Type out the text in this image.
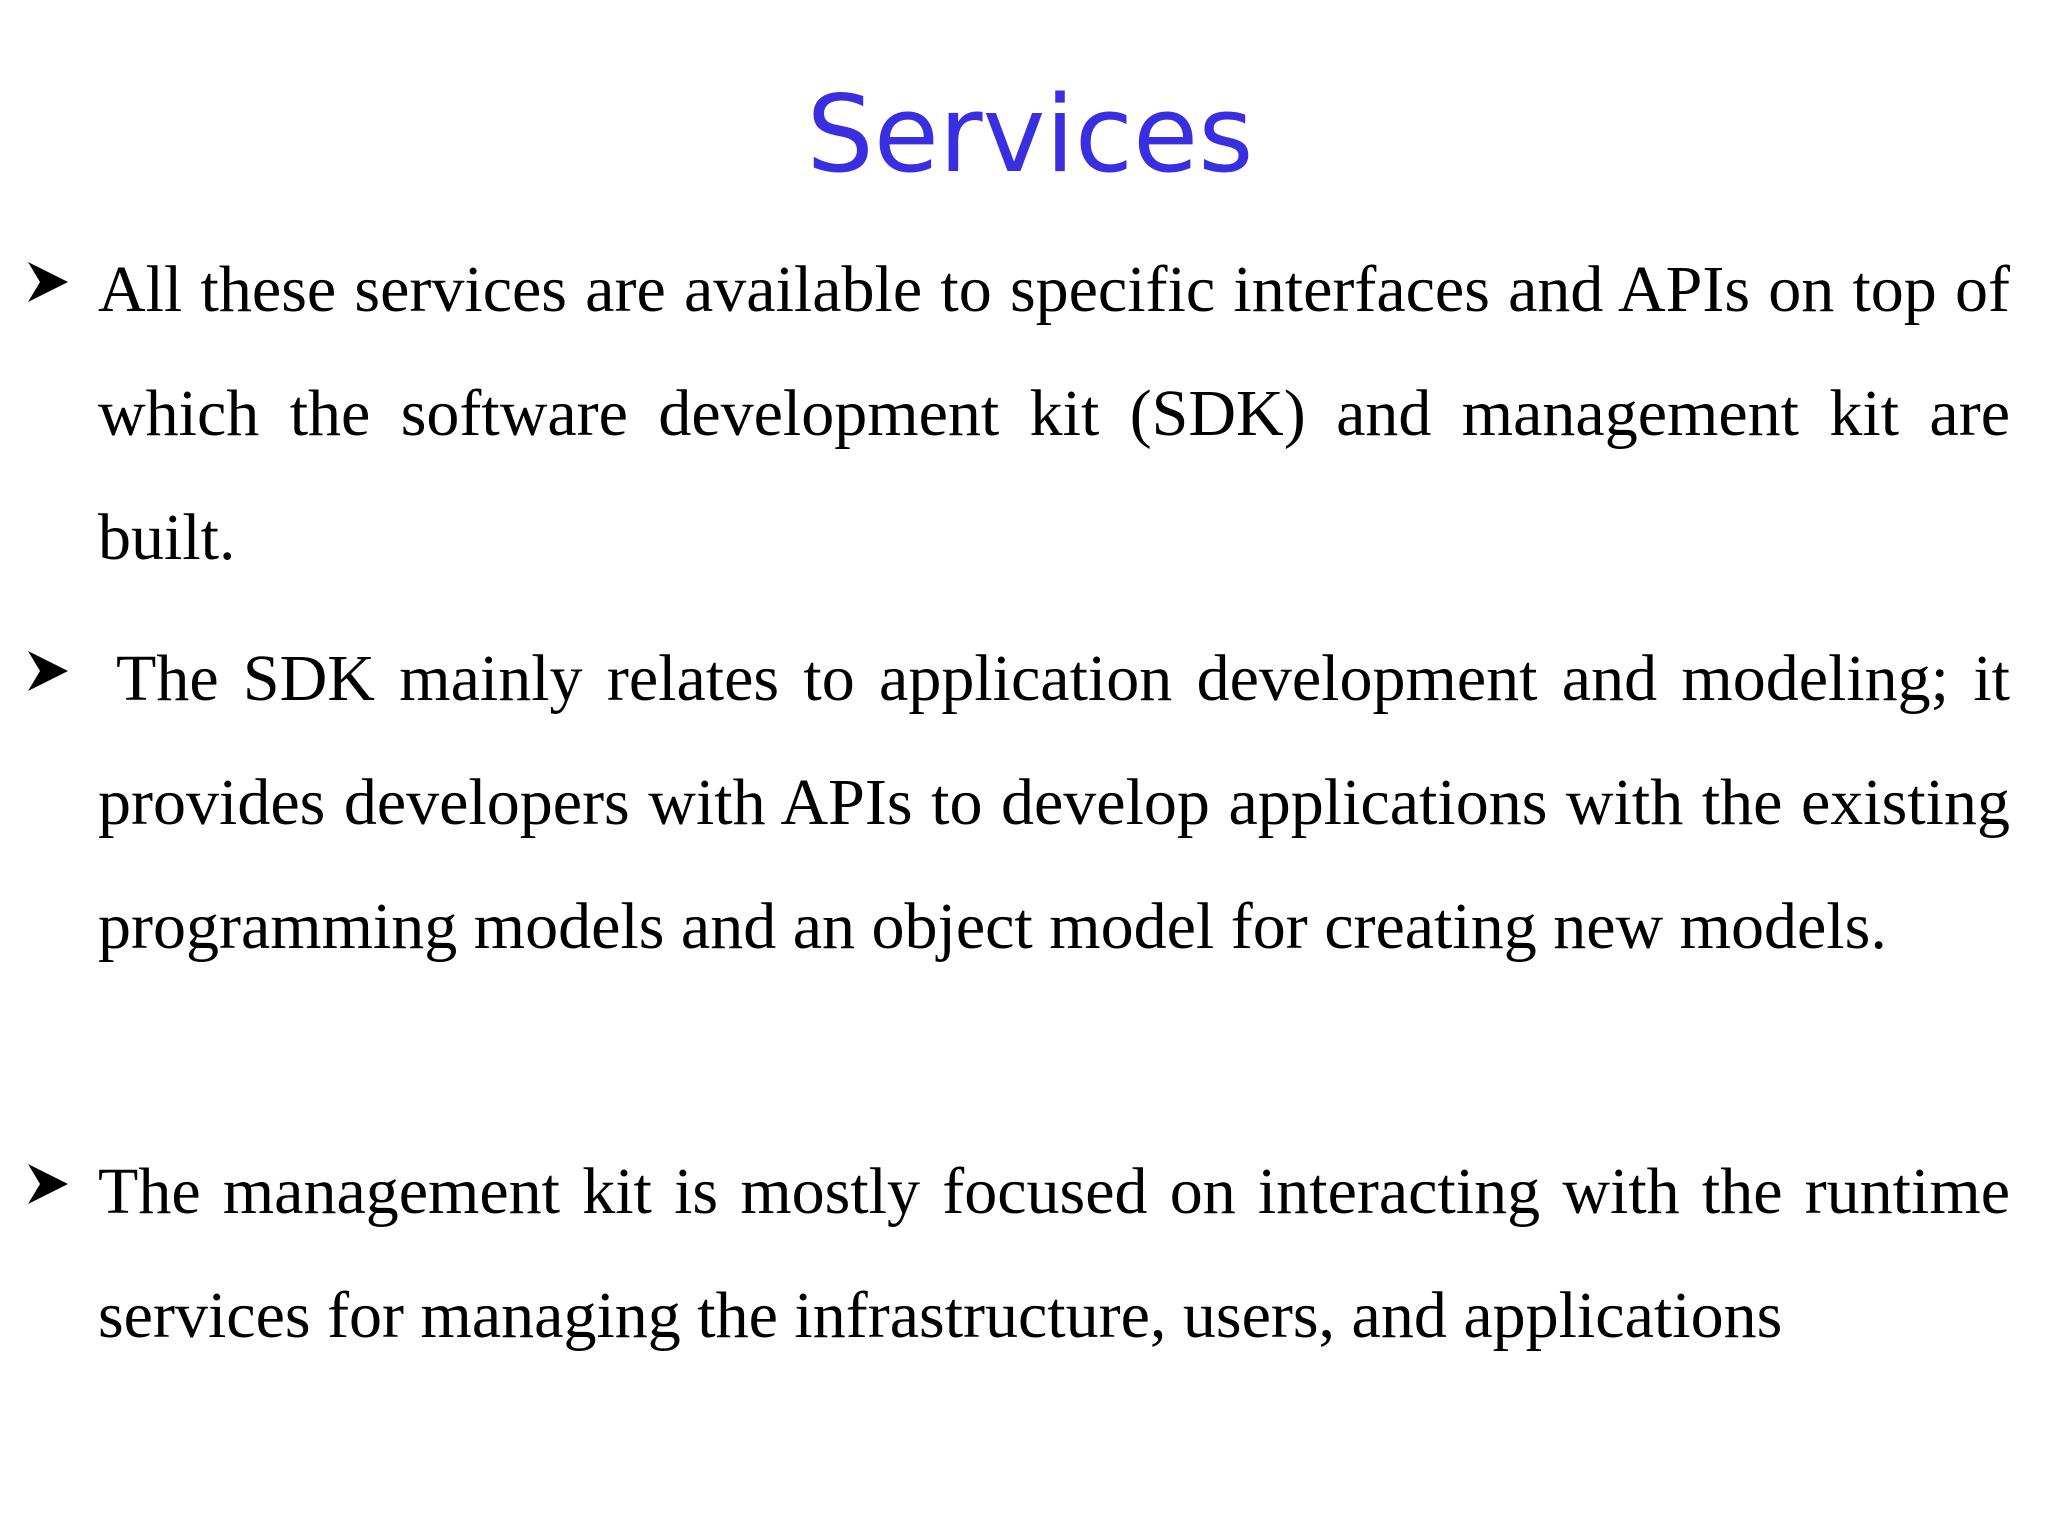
Services

All these services are available to specific interfaces and APIs on top of which the software development kit (SDK) and management kit are built.

The SDK mainly relates to application development and modeling; it provides developers with APIs to develop applications with the existing programming models and an object model for creating new models.

The management kit is mostly focused on interacting with the runtime services for managing the infrastructure, users, and applications
